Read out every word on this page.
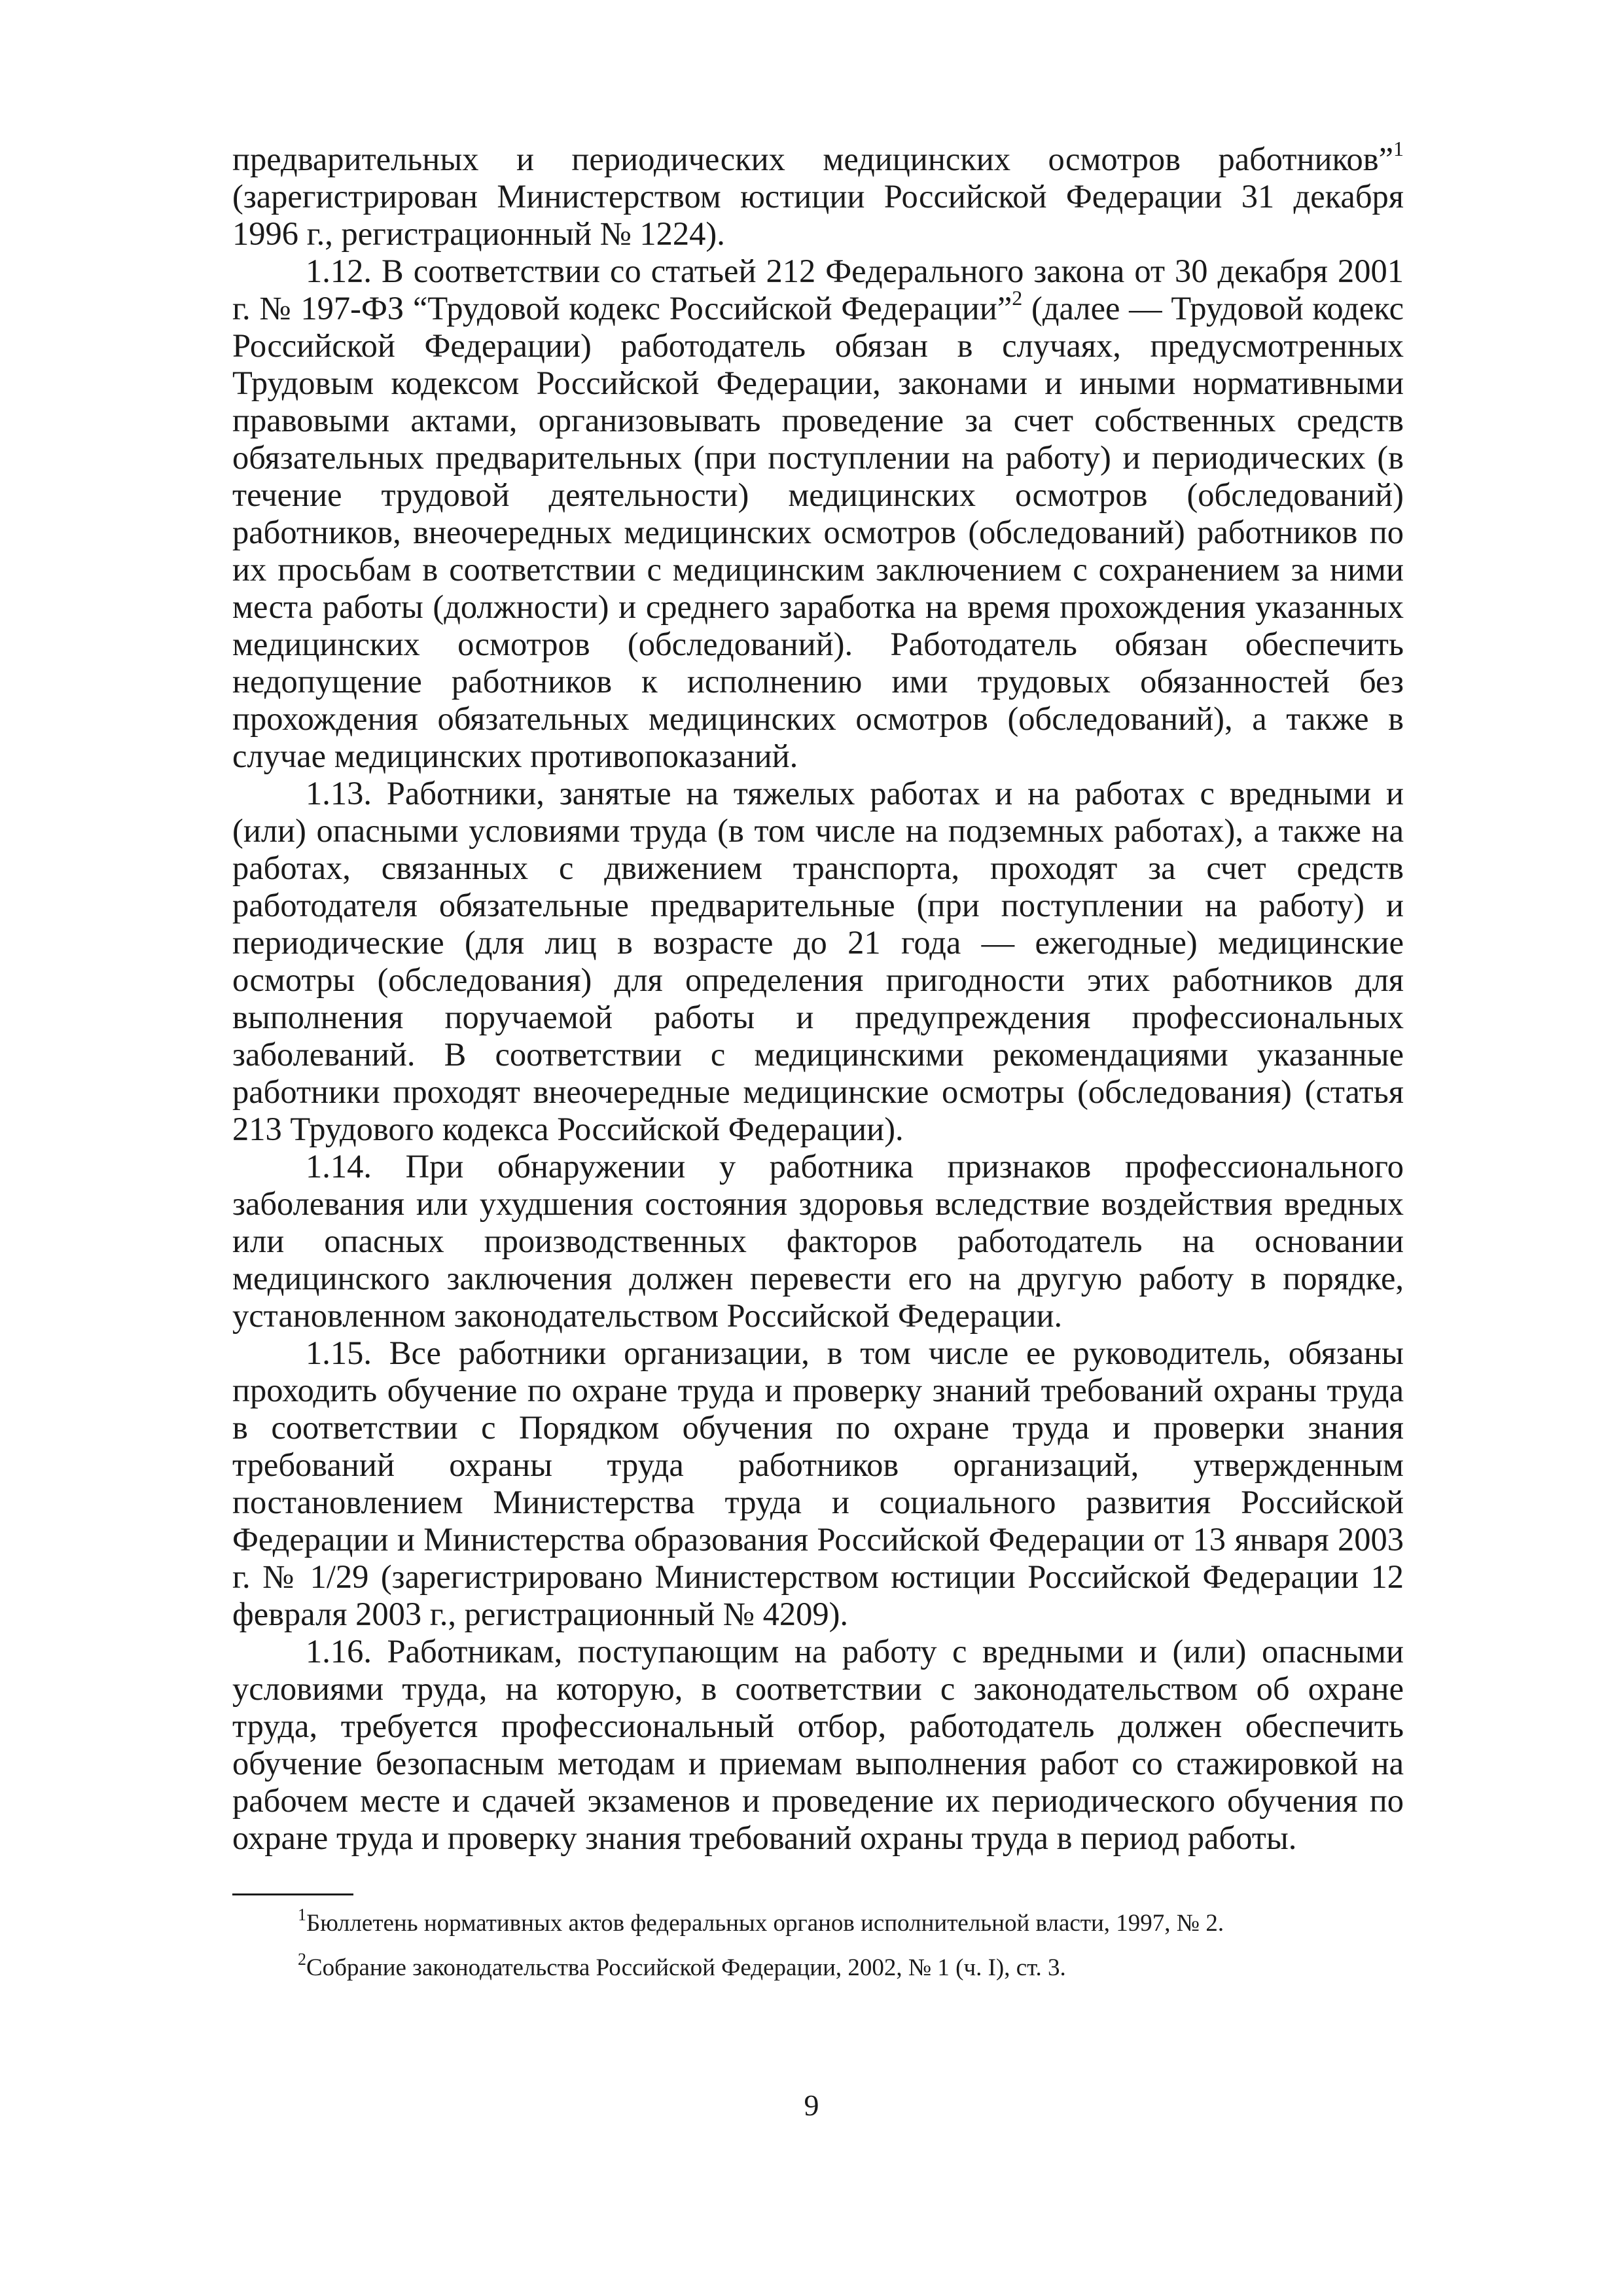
предварительных и периодических медицинских осмотров работников”$^1$ (зарегистрирован Министерством юстиции Российской Федерации 31 декабря 1996 г., регистрационный № 1224).

1.12. В соответствии со статьей 212 Федерального закона от 30 декабря 2001 г. № 197-ФЗ “Трудовой кодекс Российской Федерации”$^2$ (далее — Трудовой кодекс Российской Федерации) работодатель обязан в случаях, предусмотренных Трудовым кодексом Российской Федерации, законами и иными нормативными правовыми актами, организовывать проведение за счет собственных средств обязательных предварительных (при поступлении на работу) и периодических (в течение трудовой деятельности) медицинских осмотров (обследований) работников, внеочередных медицинских осмотров (обследований) работников по их просьбам в соответствии с медицинским заключением с сохранением за ними места работы (должности) и среднего заработка на время прохождения указанных медицинских осмотров (обследований). Работодатель обязан обеспечить недопущение работников к исполнению ими трудовых обязанностей без прохождения обязательных медицинских осмотров (обследований), а также в случае медицинских противопоказаний.

1.13. Работники, занятые на тяжелых работах и на работах с вредными и (или) опасными условиями труда (в том числе на подземных работах), а также на работах, связанных с движением транспорта, проходят за счет средств работодателя обязательные предварительные (при поступлении на работу) и периодические (для лиц в возрасте до 21 года — ежегодные) медицинские осмотры (обследования) для определения пригодности этих работников для выполнения поручаемой работы и предупреждения профессиональных заболеваний. В соответствии с медицинскими рекомендациями указанные работники проходят внеочередные медицинские осмотры (обследования) (статья 213 Трудового кодекса Российской Федерации).

1.14. При обнаружении у работника признаков профессионального заболевания или ухудшения состояния здоровья вследствие воздействия вредных или опасных производственных факторов работодатель на основании медицинского заключения должен перевести его на другую работу в порядке, установленном законодательством Российской Федерации.

1.15. Все работники организации, в том числе ее руководитель, обязаны проходить обучение по охране труда и проверку знаний требований охраны труда в соответствии с Порядком обучения по охране труда и проверки знания требований охраны труда работников организаций, утвержденным постановлением Министерства труда и социального развития Российской Федерации и Министерства образования Российской Федерации от 13 января 2003 г. № 1/29 (зарегистрировано Министерством юстиции Российской Федерации 12 февраля 2003 г., регистрационный № 4209).

1.16. Работникам, поступающим на работу с вредными и (или) опасными условиями труда, на которую, в соответствии с законодательством об охране труда, требуется профессиональный отбор, работодатель должен обеспечить обучение безопасным методам и приемам выполнения работ со стажировкой на рабочем месте и сдачей экзаменов и проведение их периодического обучения по охране труда и проверку знания требований охраны труда в период работы.

$^1$Бюллетень нормативных актов федеральных органов исполнительной власти, 1997, № 2.

$^2$Собрание законодательства Российской Федерации, 2002, № 1 (ч. I), ст. 3.

9
